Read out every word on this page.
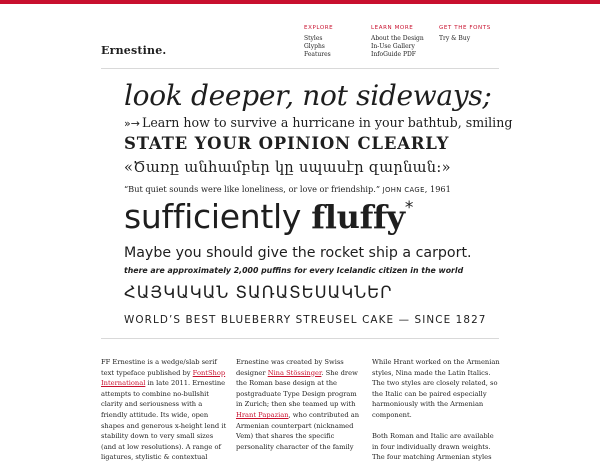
Ernestine.
EXPLORE
Styles
Glyphs
Features
LEARN MORE
About the Design
In-Use Gallery
InfoGuide PDF
GET THE FONTS
Try & Buy
look deeper, not sideways;
»→ Learn how to survive a hurricane in your bathtub, smiling
STATE YOUR OPINION CLEARLY
«Ծառը անհամբեր կը սպասէր զարնան:»
“But quiet sounds were like loneliness, or love or friendship.” JOHN CAGE, 1961
sufficiently fluffy*
Maybe you should give the rocket ship a carport.
there are approximately 2,000 puffins for every Icelandic citizen in the world
ՀԱՅԿԱԿԱՆ ՏԱՌԱՏԵՍԱԿՆԵՐ
WORLD’S BEST BLUEBERRY STREUSEL CAKE — SINCE 1827

FF Ernestine is a wedge/slab serif text typeface published by FontShop International in late 2011. Ernestine attempts to combine no-bullshit clarity and seriousness with a friendly attitude. Its wide, open shapes and generous x-height lend it stability down to very small sizes (and at low resolutions). A range of ligatures, stylistic & contextual

Ernestine was created by Swiss designer Nina Stössinger. She drew the Roman base design at the postgraduate Type Design program in Zurich; then she teamed up with Hrant Papazian, who contributed an Armenian counterpart (nicknamed Vem) that shares the specific personality character of the family

While Hrant worked on the Armenian styles, Nina made the Latin Italics. The two styles are closely related, so the Italic can be paired especially harmoniously with the Armenian component.

Both Roman and Italic are available in four individually drawn weights. The four matching Armenian styles
